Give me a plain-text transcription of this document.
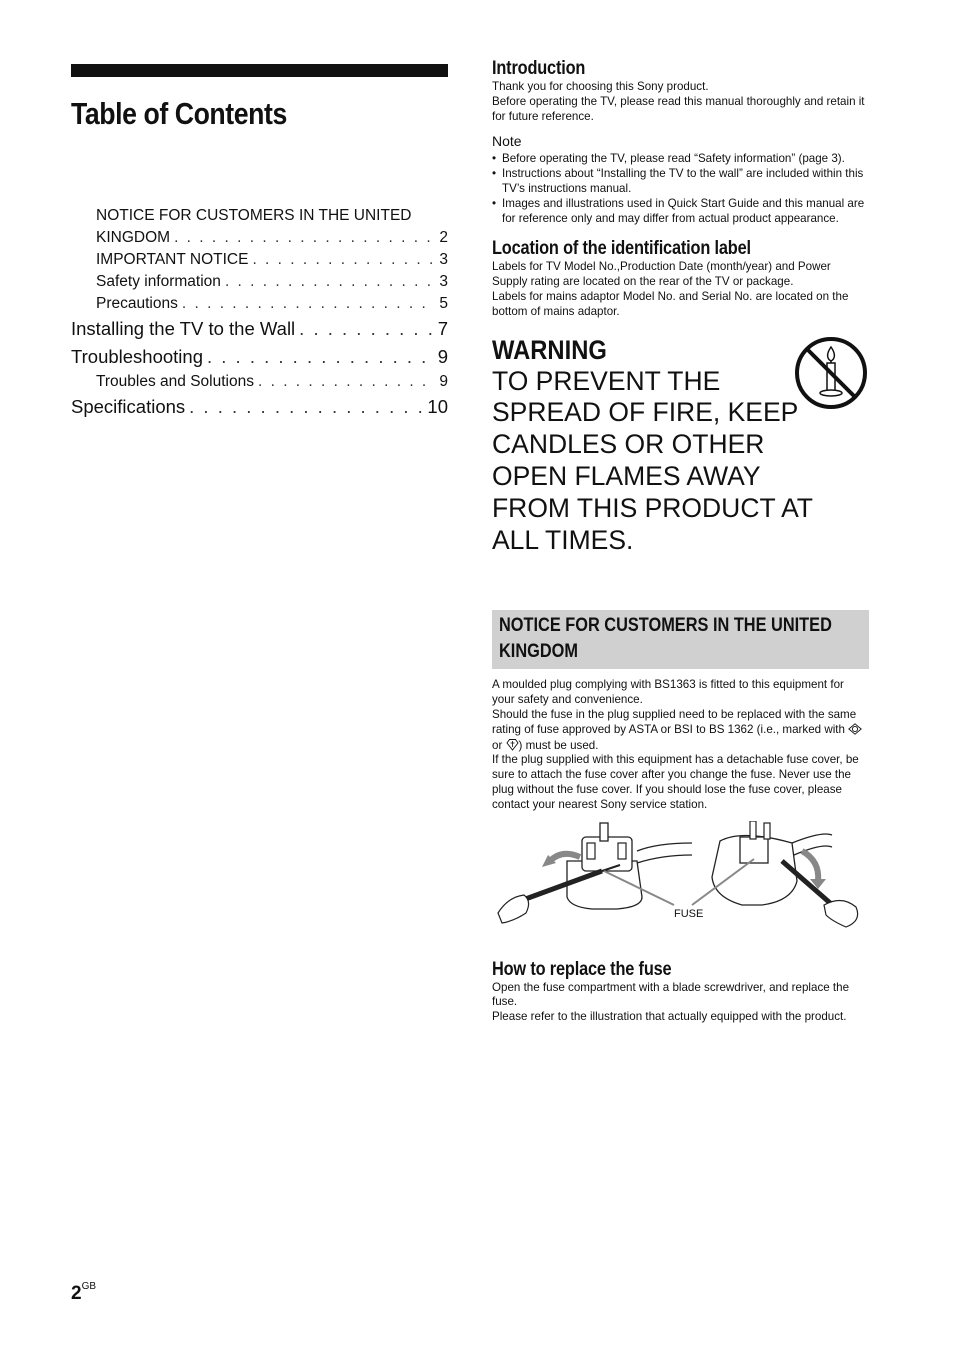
Table of Contents
NOTICE FOR CUSTOMERS IN THE UNITED
KINGDOM . . .	2
IMPORTANT NOTICE . . .	3
Safety information . . .	3
Precautions . . .	5
Installing the TV to the Wall . . .	7
Troubleshooting . . .	9
Troubles and Solutions . . .	9
Specifications . . .	10
Introduction

Thank you for choosing this Sony product.

Before operating the TV, please read this manual thoroughly and retain it for future reference.

Note
• Before operating the TV, please read “Safety information” (page 3).
• Instructions about “Installing the TV to the wall” are included within this TV’s instructions manual.
• Images and illustrations used in Quick Start Guide and this manual are for reference only and may differ from actual product appearance.
Location of the identification label

Labels for TV Model No.,Production Date (month/year) and Power Supply rating are located on the rear of the TV or package.

Labels for mains adaptor Model No. and Serial No. are located on the bottom of mains adaptor.

WARNING

TO PREVENT THE SPREAD OF FIRE, KEEP CANDLES OR OTHER OPEN FLAMES AWAY FROM THIS PRODUCT AT ALL TIMES.

NOTICE FOR CUSTOMERS IN THE UNITED KINGDOM

A moulded plug complying with BS1363 is fitted to this equipment for your safety and convenience.

Should the fuse in the plug supplied need to be replaced with the same rating of fuse approved by ASTA or BSI to BS 1362 (i.e., marked with  or ) must be used.

If the plug supplied with this equipment has a detachable fuse cover, be sure to attach the fuse cover after you change the fuse. Never use the plug without the fuse cover. If you should lose the fuse cover, please contact your nearest Sony service station.

FUSE
How to replace the fuse

Open the fuse compartment with a blade screwdriver, and replace the fuse.

Please refer to the illustration that actually equipped with the product.

$2^{GB}$
